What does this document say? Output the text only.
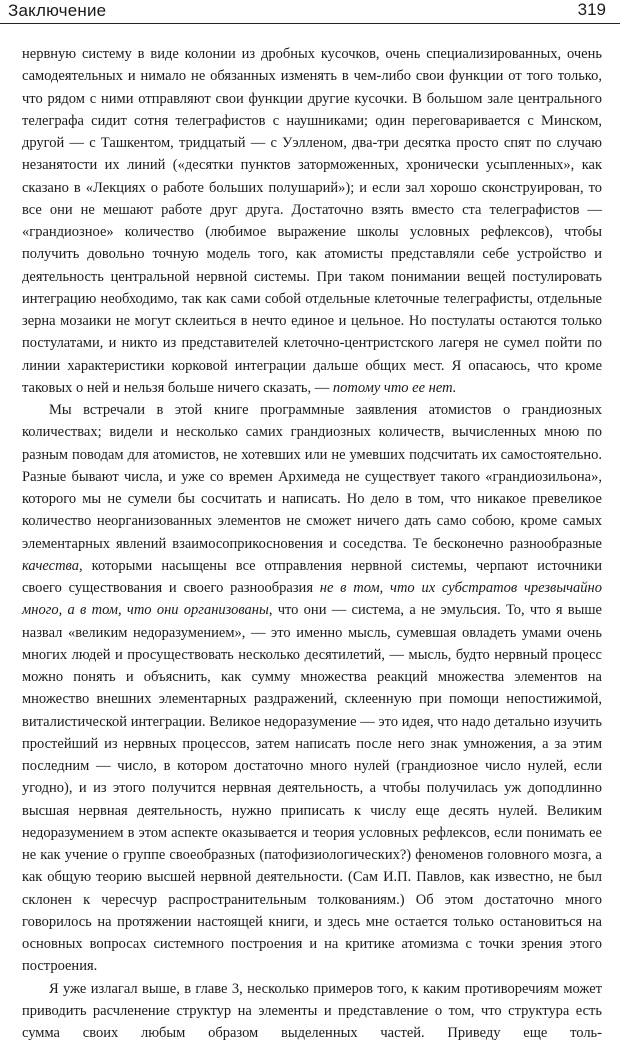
Заключение	319

нервную систему в виде колонии из дробных кусочков, очень специализированных, очень самодеятельных и нимало не обязанных изменять в чем-либо свои функции от того только, что рядом с ними отправляют свои функции другие кусочки. В большом зале центрального телеграфа сидит сотня телеграфистов с наушниками; один переговаривается с Минском, другой — с Ташкентом, тридцатый — с Уэлленом, два-три десятка просто спят по случаю незанятости их линий («десятки пунктов заторможенных, хронически усыпленных», как сказано в «Лекциях о работе больших полушарий»); и если зал хорошо сконструирован, то все они не мешают работе друг друга. Достаточно взять вместо ста телеграфистов — «грандиозное» количество (любимое выражение школы условных рефлексов), чтобы получить довольно точную модель того, как атомисты представляли себе устройство и деятельность центральной нервной системы. При таком понимании вещей постулировать интеграцию необходимо, так как сами собой отдельные клеточные телеграфисты, отдельные зерна мозаики не могут склеиться в нечто единое и цельное. Но постулаты остаются только постулатами, и никто из представителей клеточно-центристского лагеря не сумел пойти по линии характеристики корковой интеграции дальше общих мест. Я опасаюсь, что кроме таковых о ней и нельзя больше ничего сказать, — потому что ее нет.

Мы встречали в этой книге программные заявления атомистов о грандиозных количествах; видели и несколько самих грандиозных количеств, вычисленных мною по разным поводам для атомистов, не хотевших или не умевших подсчитать их самостоятельно. Разные бывают числа, и уже со времен Архимеда не существует такого «грандиозильона», которого мы не сумели бы сосчитать и написать. Но дело в том, что никакое превеликое количество неорганизованных элементов не сможет ничего дать само собою, кроме самых элементарных явлений взаимосоприкосновения и соседства. Те бесконечно разнообразные качества, которыми насыщены все отправления нервной системы, черпают источники своего существования и своего разнообразия не в том, что их субстратов чрезвычайно много, а в том, что они организованы, что они — система, а не эмульсия. То, что я выше назвал «великим недоразумением», — это именно мысль, сумевшая овладеть умами очень многих людей и просуществовать несколько десятилетий, — мысль, будто нервный процесс можно понять и объяснить, как сумму множества реакций множества элементов на множество внешних элементарных раздражений, склеенную при помощи непостижимой, виталистической интеграции. Великое недоразумение — это идея, что надо детально изучить простейший из нервных процессов, затем написать после него знак умножения, а за этим последним — число, в котором достаточно много нулей (грандиозное число нулей, если угодно), и из этого получится нервная деятельность, а чтобы получилась уж доподлинно высшая нервная деятельность, нужно приписать к числу еще десять нулей. Великим недоразумением в этом аспекте оказывается и теория условных рефлексов, если понимать ее не как учение о группе своеобразных (патофизиологических?) феноменов головного мозга, а как общую теорию высшей нервной деятельности. (Сам И.П. Павлов, как известно, не был склонен к чересчур распространительным толкованиям.) Об этом достаточно много говорилось на протяжении настоящей книги, и здесь мне остается только остановиться на основных вопросах системного построения и на критике атомизма с точки зрения этого построения.

Я уже излагал выше, в главе 3, несколько примеров того, к каким противоречиям может приводить расчленение структур на элементы и представление о том, что структура есть сумма своих любым образом выделенных частей. Приведу еще толь-
